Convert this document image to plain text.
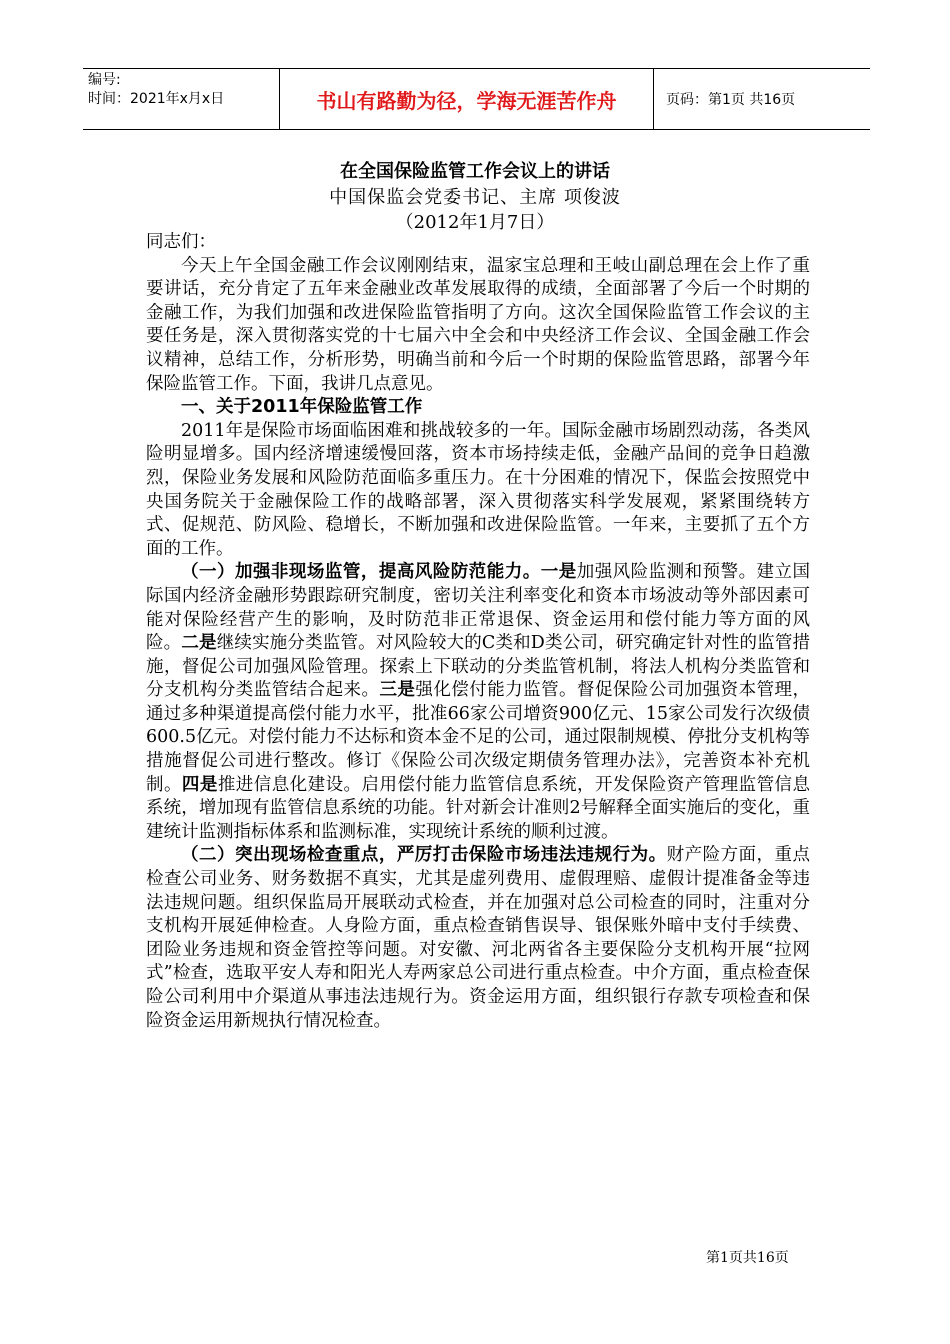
编号:
时间：2021年x月x日	书山有路勤为径，学海无涯苦作舟	页码：第1页 共16页
在全国保险监管工作会议上的讲话
中国保监会党委书记、主席 项俊波
（2012年1月7日）

同志们：

今天上午全国金融工作会议刚刚结束，温家宝总理和王岐山副总理在会上作了重要讲话，充分肯定了五年来金融业改革发展取得的成绩，全面部署了今后一个时期的金融工作，为我们加强和改进保险监管指明了方向。这次全国保险监管工作会议的主要任务是，深入贯彻落实党的十七届六中全会和中央经济工作会议、全国金融工作会议精神，总结工作，分析形势，明确当前和今后一个时期的保险监管思路，部署今年保险监管工作。下面，我讲几点意见。

一、关于2011年保险监管工作

2011年是保险市场面临困难和挑战较多的一年。国际金融市场剧烈动荡，各类风险明显增多。国内经济增速缓慢回落，资本市场持续走低，金融产品间的竞争日趋激烈，保险业务发展和风险防范面临多重压力。在十分困难的情况下，保监会按照党中央国务院关于金融保险工作的战略部署，深入贯彻落实科学发展观，紧紧围绕转方式、促规范、防风险、稳增长，不断加强和改进保险监管。一年来，主要抓了五个方面的工作。

（一）加强非现场监管，提高风险防范能力。一是加强风险监测和预警。建立国际国内经济金融形势跟踪研究制度，密切关注利率变化和资本市场波动等外部因素可能对保险经营产生的影响，及时防范非正常退保、资金运用和偿付能力等方面的风险。二是继续实施分类监管。对风险较大的C类和D类公司，研究确定针对性的监管措施，督促公司加强风险管理。探索上下联动的分类监管机制，将法人机构分类监管和分支机构分类监管结合起来。三是强化偿付能力监管。督促保险公司加强资本管理，通过多种渠道提高偿付能力水平，批准66家公司增资900亿元、15家公司发行次级债600.5亿元。对偿付能力不达标和资本金不足的公司，通过限制规模、停批分支机构等措施督促公司进行整改。修订《保险公司次级定期债务管理办法》，完善资本补充机制。四是推进信息化建设。启用偿付能力监管信息系统，开发保险资产管理监管信息系统，增加现有监管信息系统的功能。针对新会计准则2号解释全面实施后的变化，重建统计监测指标体系和监测标准，实现统计系统的顺利过渡。

（二）突出现场检查重点，严厉打击保险市场违法违规行为。财产险方面，重点检查公司业务、财务数据不真实，尤其是虚列费用、虚假理赔、虚假计提准备金等违法违规问题。组织保监局开展联动式检查，并在加强对总公司检查的同时，注重对分支机构开展延伸检查。人身险方面，重点检查销售误导、银保账外暗中支付手续费、团险业务违规和资金管控等问题。对安徽、河北两省各主要保险分支机构开展“拉网式”检查，选取平安人寿和阳光人寿两家总公司进行重点检查。中介方面，重点检查保险公司利用中介渠道从事违法违规行为。资金运用方面，组织银行存款专项检查和保险资金运用新规执行情况检查。

第1页共16页
